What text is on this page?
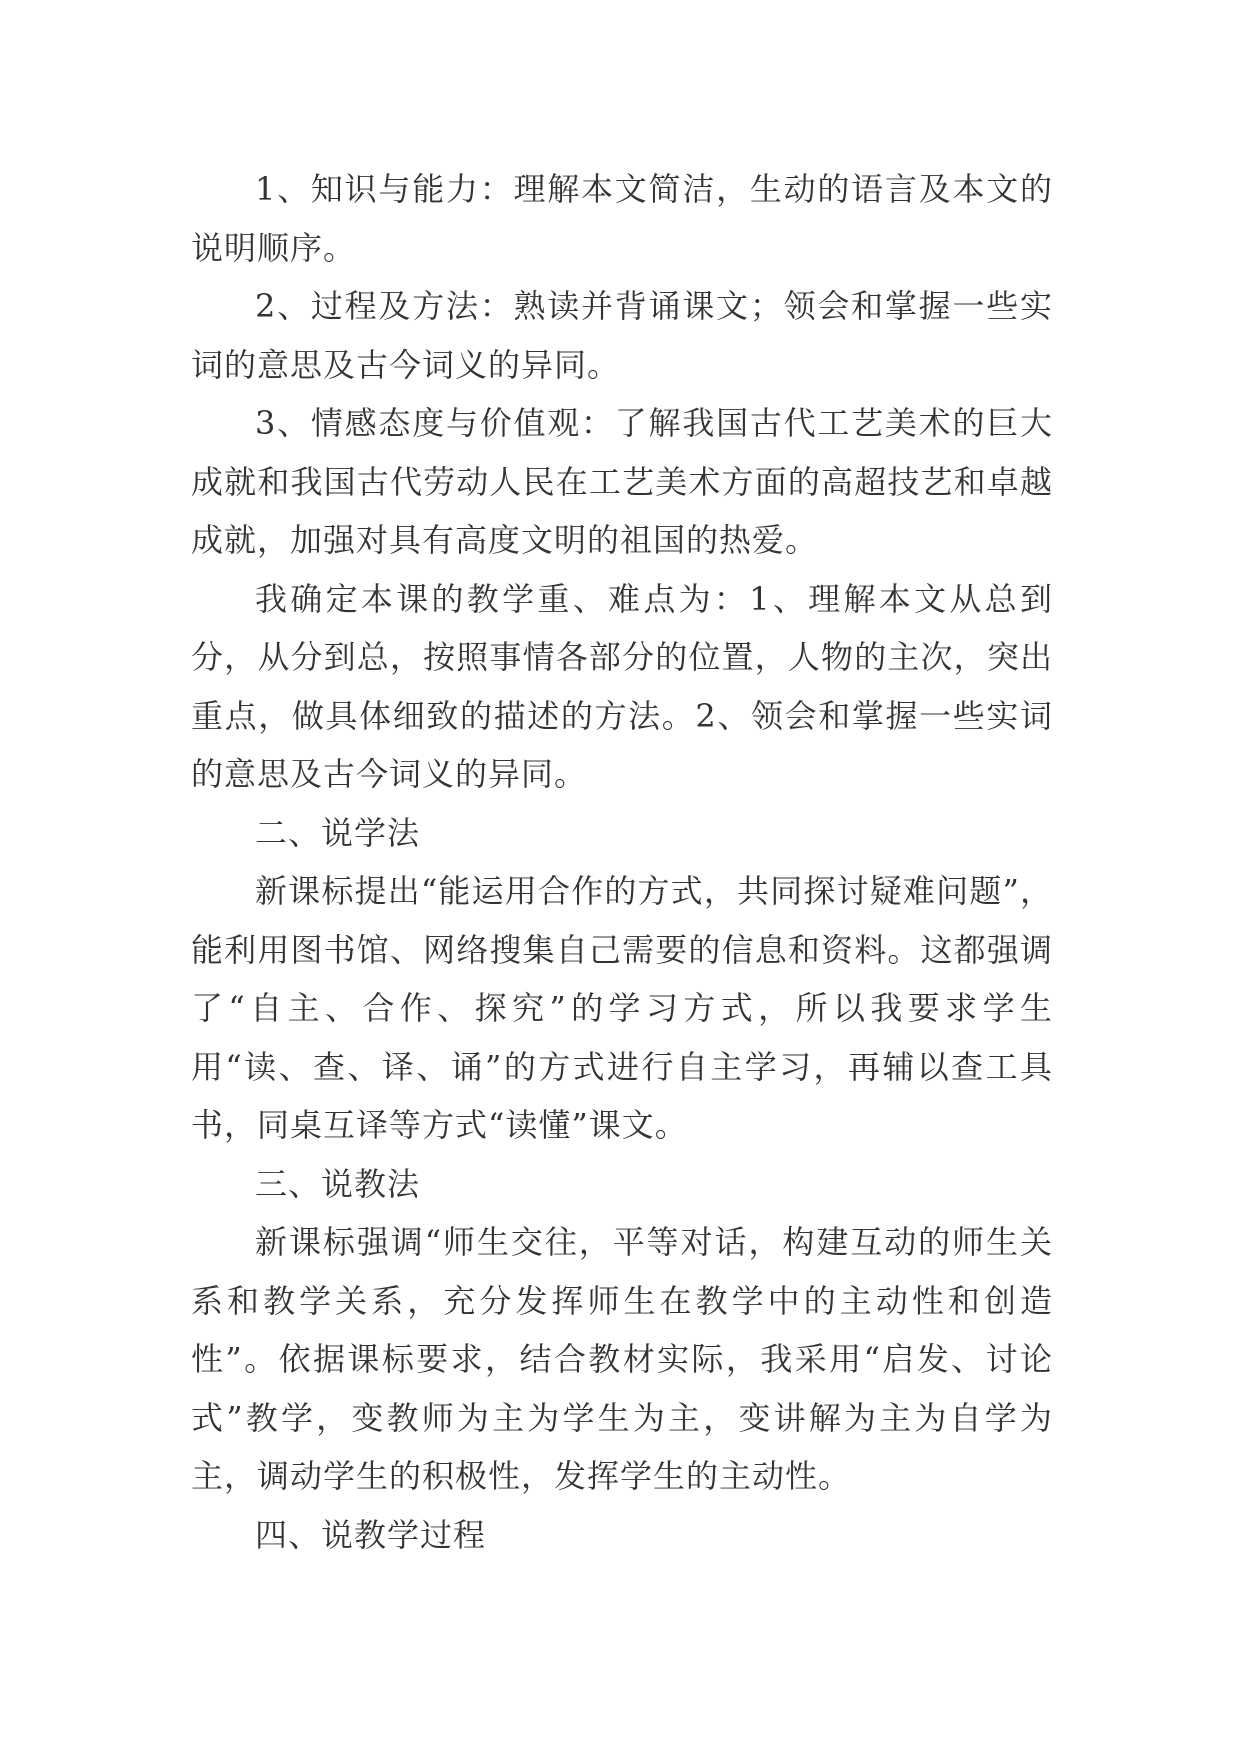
1、知识与能力：理解本文简洁，生动的语言及本文的说明顺序。

2、过程及方法：熟读并背诵课文；领会和掌握一些实词的意思及古今词义的异同。

3、情感态度与价值观：了解我国古代工艺美术的巨大成就和我国古代劳动人民在工艺美术方面的高超技艺和卓越成就，加强对具有高度文明的祖国的热爱。

我确定本课的教学重、难点为：1、理解本文从总到分，从分到总，按照事情各部分的位置，人物的主次，突出重点，做具体细致的描述的方法。2、领会和掌握一些实词的意思及古今词义的异同。

二、说学法

新课标提出“能运用合作的方式，共同探讨疑难问题”，能利用图书馆、网络搜集自己需要的信息和资料。这都强调了“自主、合作、探究”的学习方式，所以我要求学生用“读、查、译、诵”的方式进行自主学习，再辅以查工具书，同桌互译等方式“读懂”课文。

三、说教法

新课标强调“师生交往，平等对话，构建互动的师生关系和教学关系，充分发挥师生在教学中的主动性和创造性”。依据课标要求，结合教材实际，我采用“启发、讨论式”教学，变教师为主为学生为主，变讲解为主为自学为主，调动学生的积极性，发挥学生的主动性。

四、说教学过程
